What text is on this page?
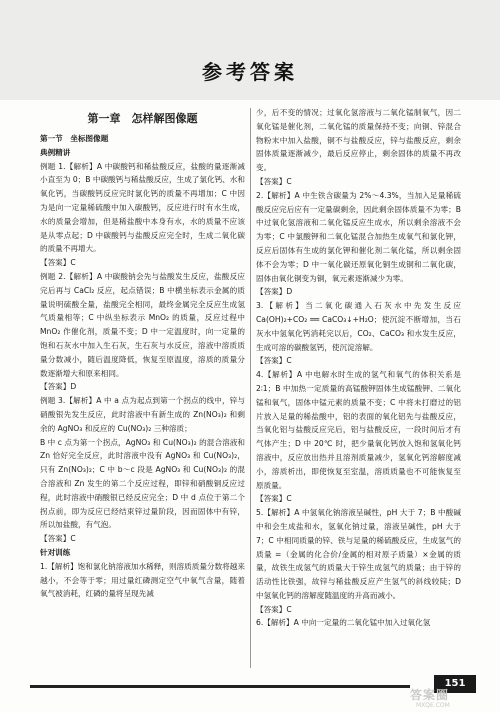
参考答案
第一章　怎样解图像题
第一节　坐标图像题
典例精讲
例题 1.【解析】A 中碳酸钙和稀盐酸反应，盐酸的量逐渐减小直至为 0；B 中碳酸钙与稀盐酸反应，生成了氯化钙、水和氧化钙，当碳酸钙反应完时氯化钙的质量不再增加；C 中因为是向一定量稀硫酸中加入碳酸钙，反应进行时有水生成，水的质量会增加，但是稀盐酸中本身有水，水的质量不应该是从零点起；D 中碳酸钙与盐酸反应完全时，生成二氧化碳的质量不再增大。
【答案】C
例题 2.【解析】A 中碳酸钠会先与盐酸发生反应，盐酸反应完后再与 CaCl₂ 反应，起点错误；B 中横坐标表示金属的质量说明硫酸全量，盐酸完全相同，最终金属完全反应生成氢气质量相等；C 中纵坐标表示 MnO₂ 的质量，反应过程中 MnO₂ 作催化剂，质量不变；D 中一定温度时，向一定量的饱和石灰水中加入生石灰，生石灰与水反应，溶液中溶质质量分数减小，随后温度降低，恢复至原温度，溶质的质量分数逐渐增大和原来相同。
【答案】D
例题 3.【解析】A 中 a 点为起点到第一个拐点的线中，锌与硝酸银先发生反应，此时溶液中有新生成的 Zn(NO₃)₂ 和剩余的 AgNO₃ 和反应的 Cu(NO₃)₂ 三种溶质；
B 中 c 点为第一个拐点，AgNO₃ 和 Cu(NO₃)₂ 的混合溶液和 Zn 恰好完全反应，此时溶液中没有 AgNO₃ 和 Cu(NO₃)₂，只有 Zn(NO₃)₂；C 中 b～c 段是 AgNO₃ 和 Cu(NO₃)₂ 的混合溶液和 Zn 发生的第二个反应过程，即锌和硝酸铜反应过程，此时溶液中硝酸银已经反应完全；D 中 d 点位于第二个拐点前，即为反应已经结束锌过量阶段，因而固体中有锌，所以加盐酸，有气泡。
【答案】C
针对训练
1.【解析】饱和氯化钠溶液加水稀释，则溶质质量分数将越来越小，不会等于零；用过量红磷测定空气中氧气含量，随着氧气被消耗，红磷的量将呈现先减
少，后不变的情况；过氧化氢溶液与二氧化锰制氧气，因二氧化锰是催化剂，二氧化锰的质量保持不变；向铜、锌混合物粉末中加入盐酸，铜不与盐酸反应，锌与盐酸反应，剩余固体质量逐渐减少，最后反应停止，剩余固体的质量不再改变。
【答案】C
2.【解析】A 中生铁含碳量为 2%～4.3%，当加入足量稀硫酸反应完后应有一定量碳剩余，因此剩余固体质量不为零；B 中过氧化氢溶液和二氧化锰反应生成水，所以剩余溶液不会为零；C 中氯酸钾和二氧化锰混合加热生成氧气和氯化钾，反应后固体有生成的氯化钾和催化剂二氧化锰，所以剩余固体不会为零；D 中一氧化碳还原氧化铜生成铜和二氧化碳，固体由氧化铜变为铜，氧元素逐渐减少为零。
【答案】D
3.【解析】当二氧化碳通入石灰水中先发生反应 Ca(OH)₂+CO₂ ══ CaCO₃↓+H₂O；使沉淀不断增加，当石灰水中氢氧化钙消耗完以后，CO₂、CaCO₃ 和水发生反应，生成可溶的碳酸氢钙，使沉淀溶解。
【答案】C
4.【解析】A 中电解水时生成的氢气和氧气的体积关系是 2∶1；B 中加热一定质量的高锰酸钾固体生成锰酸钾、二氧化锰和氧气，固体中锰元素的质量不变；C 中将未打磨过的铝片放入足量的稀盐酸中，铝的表面的氧化铝先与盐酸反应，当氧化铝与盐酸反应完后，铝与盐酸反应，一段时间后才有气体产生；D 中 20℃ 时，把少量氧化钙放入饱和氢氧化钙溶液中，反应放出热并且溶剂质量减少，氢氧化钙溶解度减小，溶质析出，即使恢复至室温，溶质质量也不可能恢复至原质量。
【答案】C
5.【解析】A 中氢氧化钠溶液呈碱性，pH 大于 7；B 中酸碱中和会生成盐和水，氢氧化钠过量，溶液呈碱性，pH 大于 7；C 中相同质量的锌、铁与足量的稀硫酸反应，生成氢气的质量 =（金属的化合价/金属的相对原子质量）×金属的质量，故铁生成氢气的质量大于锌生成氢气的质量；由于锌的活动性比铁强，故锌与稀盐酸反应产生氢气的斜线较陡；D 中氢氧化钙的溶解度随温度的升高而减小。
【答案】C
6.【解析】A 中向一定量的二氧化锰中加入过氧化氢
151
答案圈
MXQE.COM
